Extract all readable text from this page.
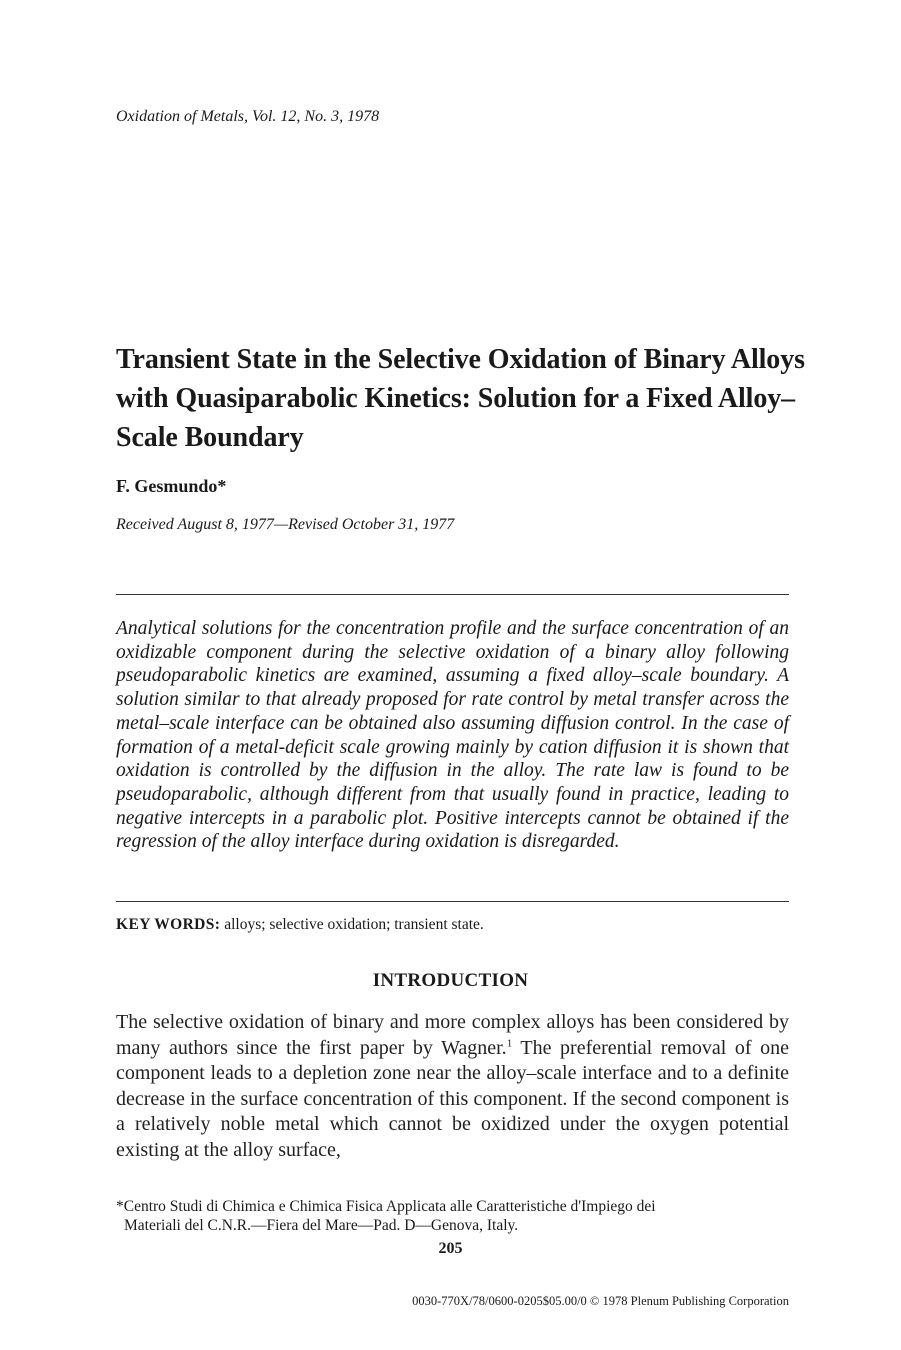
Oxidation of Metals, Vol. 12, No. 3, 1978
Transient State in the Selective Oxidation of Binary Alloys with Quasiparabolic Kinetics: Solution for a Fixed Alloy–Scale Boundary
F. Gesmundo*
Received August 8, 1977—Revised October 31, 1977

Analytical solutions for the concentration profile and the surface concentration of an oxidizable component during the selective oxidation of a binary alloy following pseudoparabolic kinetics are examined, assuming a fixed alloy–scale boundary. A solution similar to that already proposed for rate control by metal transfer across the metal–scale interface can be obtained also assuming diffusion control. In the case of formation of a metal-deficit scale growing mainly by cation diffusion it is shown that oxidation is controlled by the diffusion in the alloy. The rate law is found to be pseudoparabolic, although different from that usually found in practice, leading to negative intercepts in a parabolic plot. Positive intercepts cannot be obtained if the regression of the alloy interface during oxidation is disregarded.

KEY WORDS: alloys; selective oxidation; transient state.
INTRODUCTION

The selective oxidation of binary and more complex alloys has been considered by many authors since the first paper by Wagner.$^1$ The preferential removal of one component leads to a depletion zone near the alloy–scale interface and to a definite decrease in the surface concentration of this component. If the second component is a relatively noble metal which cannot be oxidized under the oxygen potential existing at the alloy surface,

*Centro Studi di Chimica e Chimica Fisica Applicata alle Caratteristiche d'Impiego dei
Materiali del C.N.R.—Fiera del Mare—Pad. D—Genova, Italy.

205
0030-770X/78/0600-0205$05.00/0 © 1978 Plenum Publishing Corporation
